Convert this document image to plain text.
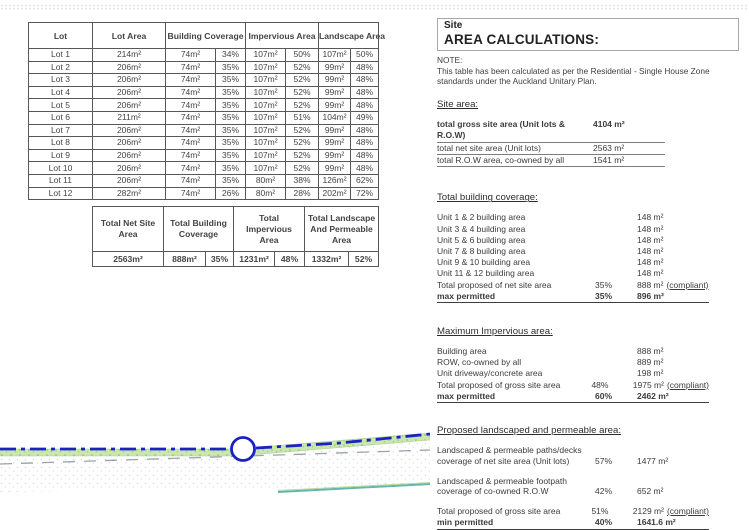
Lot	Lot Area	Building Coverage		Impervious Area		Landscape Area	
Lot 1	214m²	74m²	34%	107m²	50%	107m²	50%
Lot 2	206m²	74m²	35%	107m²	52%	99m²	48%
Lot 3	206m²	74m²	35%	107m²	52%	99m²	48%
Lot 4	206m²	74m²	35%	107m²	52%	99m²	48%
Lot 5	206m²	74m²	35%	107m²	52%	99m²	48%
Lot 6	211m²	74m²	35%	107m²	51%	104m²	49%
Lot 7	206m²	74m²	35%	107m²	52%	99m²	48%
Lot 8	206m²	74m²	35%	107m²	52%	99m²	48%
Lot 9	206m²	74m²	35%	107m²	52%	99m²	48%
Lot 10	206m²	74m²	35%	107m²	52%	99m²	48%
Lot 11	206m²	74m²	35%	80m²	38%	126m²	62%
Lot 12	282m²	74m²	26%	80m²	28%	202m²	72%
Total Net Site Area	Total Building Coverage		Total Impervious Area		Total Landscape And Permeable Area	
2563m²	888m²	35%	1231m²	48%	1332m²	52%
Site
AREA CALCULATIONS:
NOTE:
This table has been calculated as per the Residential - Single House Zone standards under the Auckland Unitary Plan.
Site area:
total gross site area (Unit lots & R.O.W)
4104 m²
total net site area (Unit lots)	2563 m²
total R.O.W area, co-owned by all	1541 m²
Total building coverage:
Unit 1 & 2 building area	148 m²
Unit 3 & 4 building area	148 m²
Unit 5 & 6 building area	148 m²
Unit 7 & 8 building area	148 m²
Unit 9 & 10 building area	148 m²
Unit 11 & 12 building area	148 m²
Total proposed of net site area	35%	888 m² (compliant)
max permitted	35%	896 m²
Maximum Impervious area:
Building area	888 m²
ROW, co-owned by all	889 m²
Unit driveway/concrete area	198 m²
Total proposed of gross site area	48%	1975 m² (compliant)
max permitted	60%	2462 m²
Proposed landscaped and permeable area:
Landscaped & permeable paths/decks
coverage of net site area (Unit lots)	57%	1477 m²
Landscaped & permeable footpath
coverage of co-owned R.O.W	42%	652 m²
Total proposed of gross site area	51%	2129 m² (compliant)
min permitted	40%	1641.6 m²
